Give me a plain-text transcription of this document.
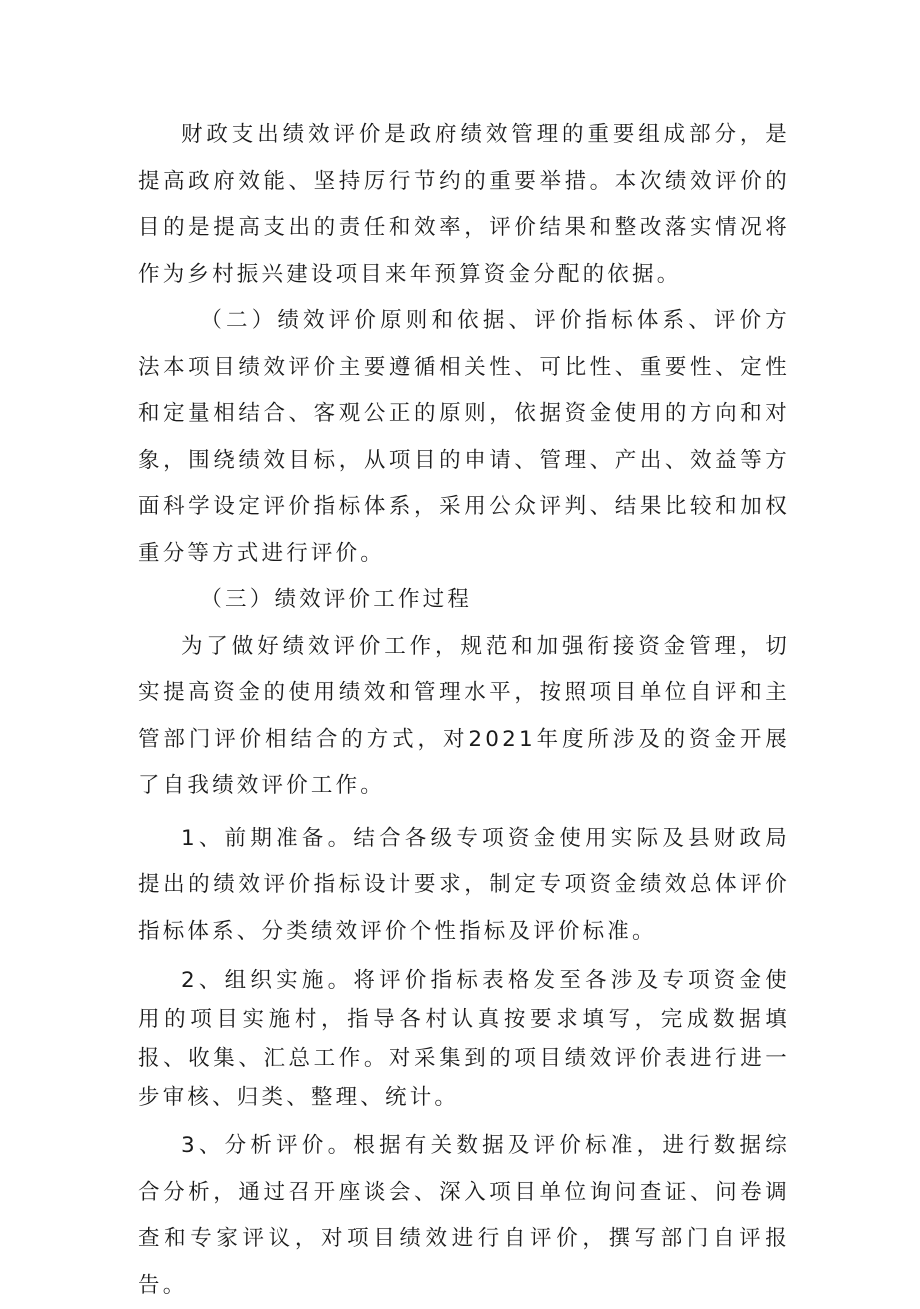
财政支出绩效评价是政府绩效管理的重要组成部分，是提高政府效能、坚持厉行节约的重要举措。本次绩效评价的目的是提高支出的责任和效率，评价结果和整改落实情况将作为乡村振兴建设项目来年预算资金分配的依据。

（二）绩效评价原则和依据、评价指标体系、评价方法本项目绩效评价主要遵循相关性、可比性、重要性、定性和定量相结合、客观公正的原则，依据资金使用的方向和对象，围绕绩效目标，从项目的申请、管理、产出、效益等方面科学设定评价指标体系，采用公众评判、结果比较和加权重分等方式进行评价。

（三）绩效评价工作过程

为了做好绩效评价工作，规范和加强衔接资金管理，切实提高资金的使用绩效和管理水平，按照项目单位自评和主管部门评价相结合的方式，对2021年度所涉及的资金开展了自我绩效评价工作。

1、前期准备。结合各级专项资金使用实际及县财政局提出的绩效评价指标设计要求，制定专项资金绩效总体评价指标体系、分类绩效评价个性指标及评价标准。

2、组织实施。将评价指标表格发至各涉及专项资金使用的项目实施村，指导各村认真按要求填写，完成数据填报、收集、汇总工作。对采集到的项目绩效评价表进行进一步审核、归类、整理、统计。

3、分析评价。根据有关数据及评价标准，进行数据综合分析，通过召开座谈会、深入项目单位询问查证、问卷调查和专家评议，对项目绩效进行自评价，撰写部门自评报告。
